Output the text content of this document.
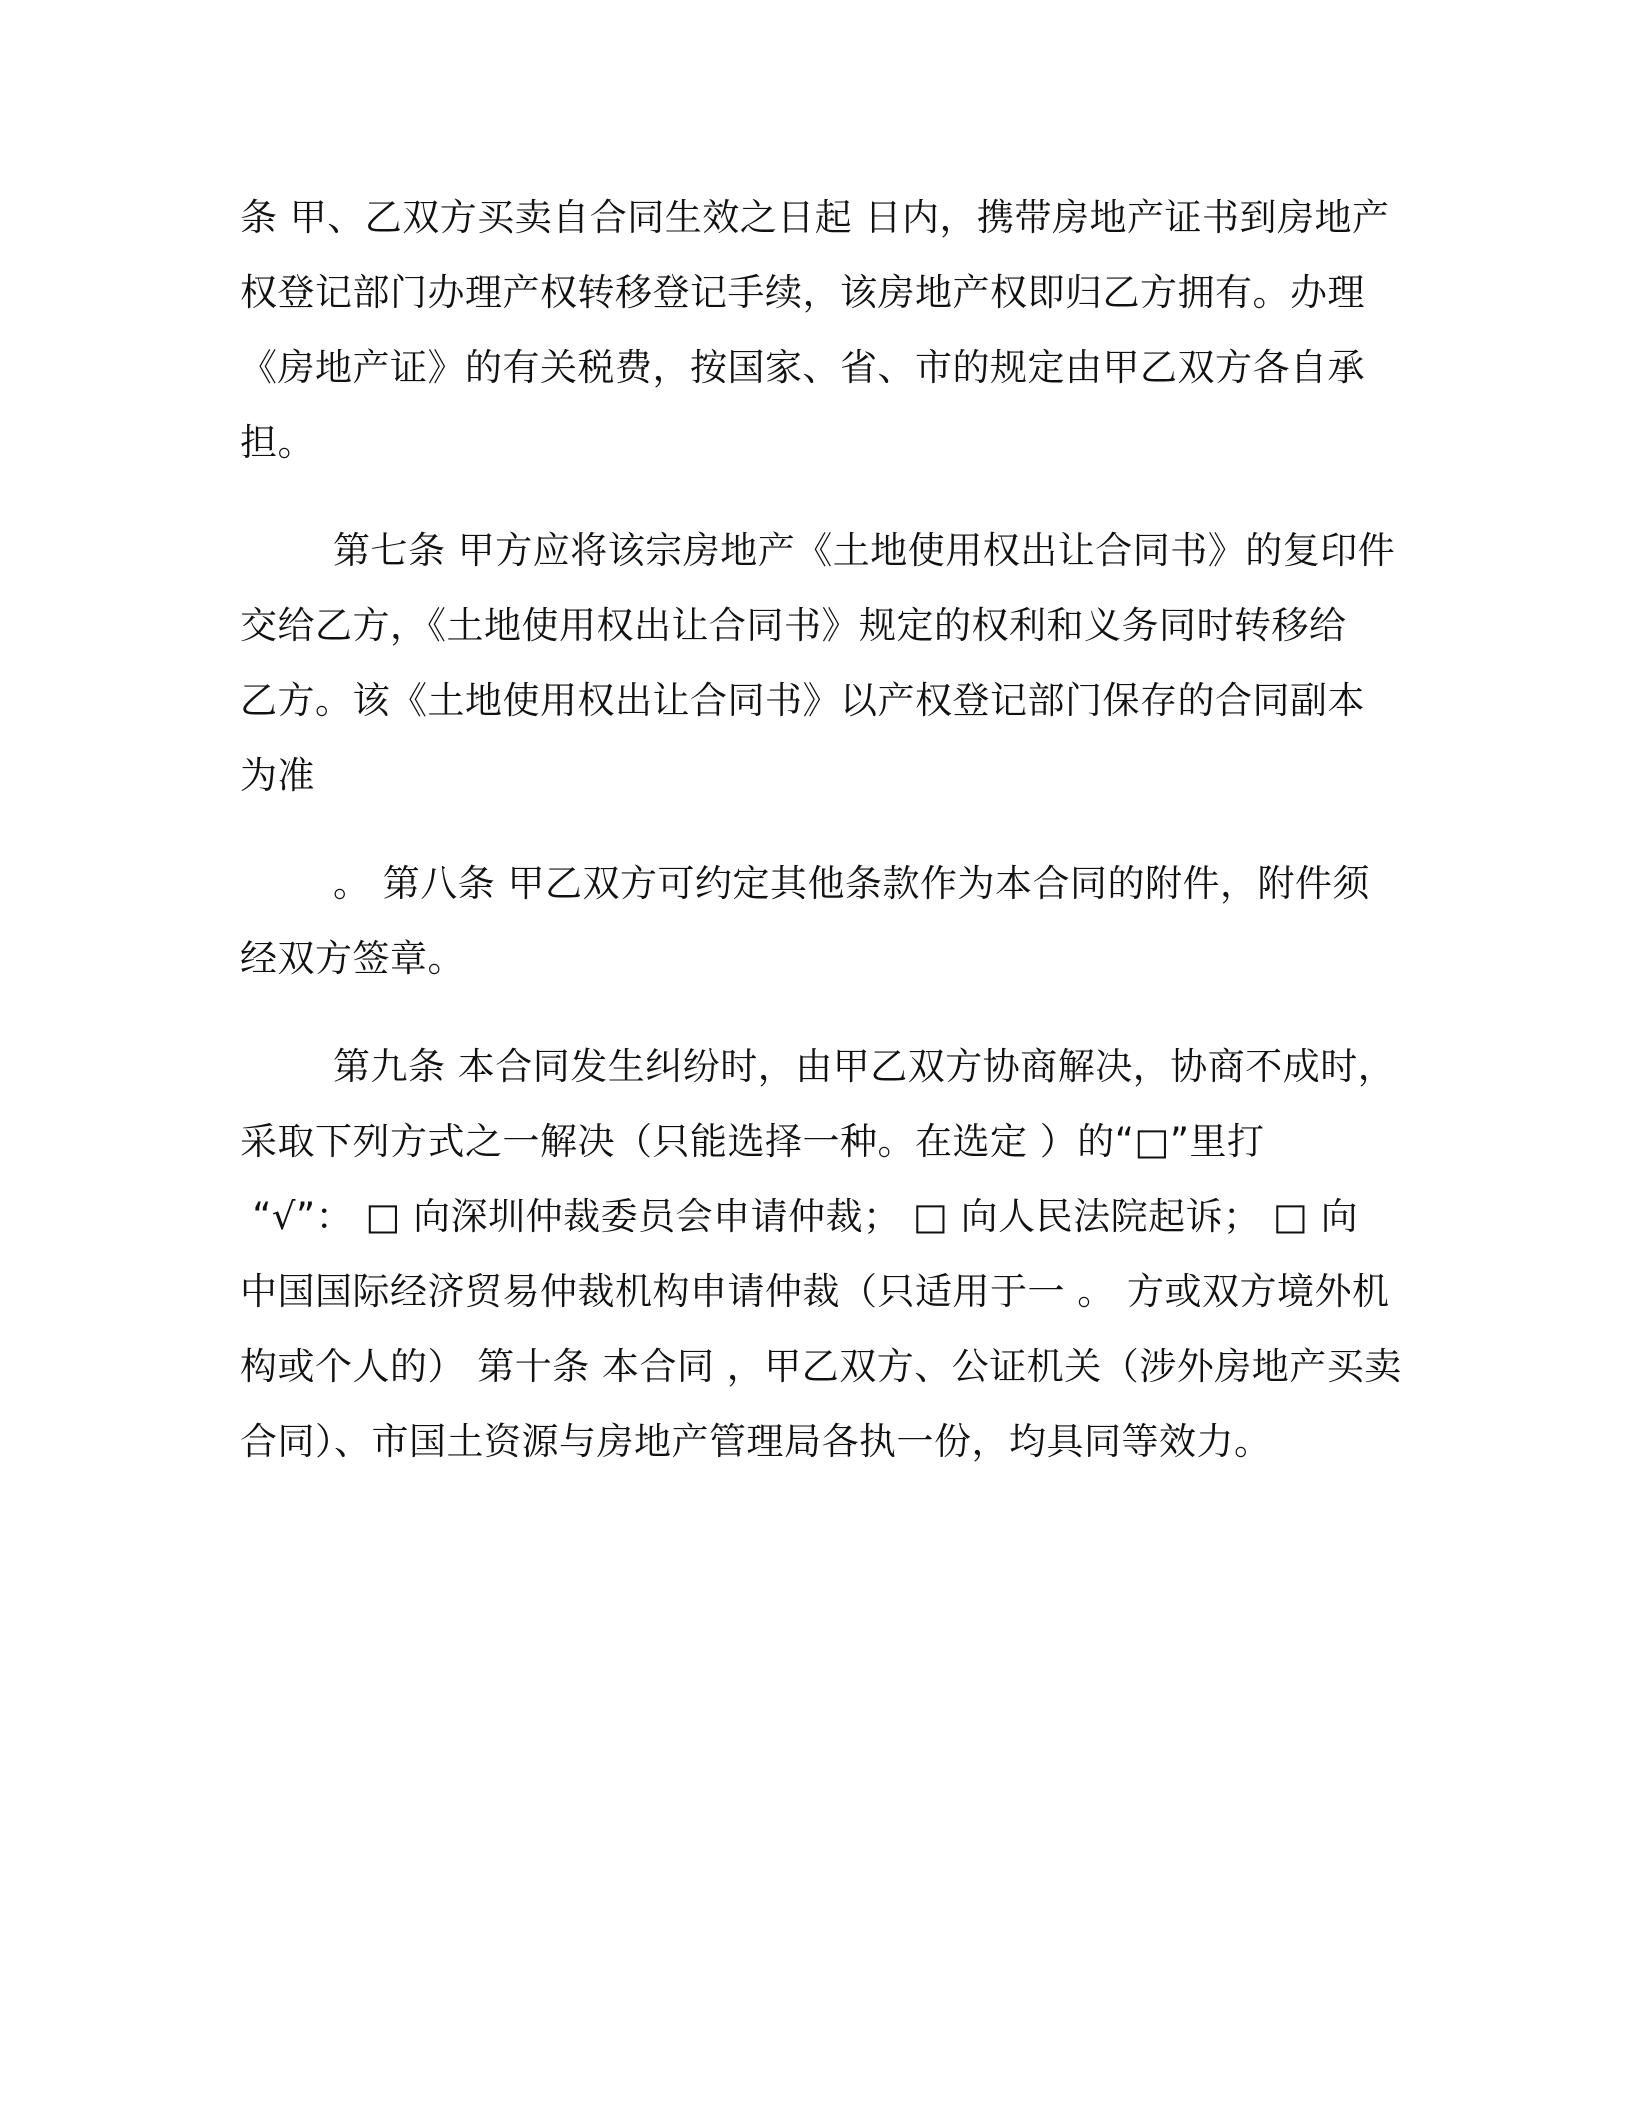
条 甲、乙双方买卖自合同生效之日起 日内，携带房地产证书到房地产
权登记部门办理产权转移登记手续，该房地产权即归乙方拥有。办理
《房地产证》的有关税费，按国家、省、市的规定由甲乙双方各自承
担。
第七条 甲方应将该宗房地产《土地使用权出让合同书》的复印件
交给乙方，《土地使用权出让合同书》规定的权利和义务同时转移给
乙方。该《土地使用权出让合同书》以产权登记部门保存的合同副本
为准
。 第八条 甲乙双方可约定其他条款作为本合同的附件，附件须
经双方签章。
第九条 本合同发生纠纷时，由甲乙双方协商解决，协商不成时，
采取下列方式之一解决（只能选择一种。在选定 ）的“□”里打
“√”： □ 向深圳仲裁委员会申请仲裁； □ 向人民法院起诉； □ 向
中国国际经济贸易仲裁机构申请仲裁（只适用于一 。 方或双方境外机
构或个人的） 第十条 本合同 ，甲乙双方、公证机关（涉外房地产买卖
合同）、市国土资源与房地产管理局各执一份，均具同等效力。
